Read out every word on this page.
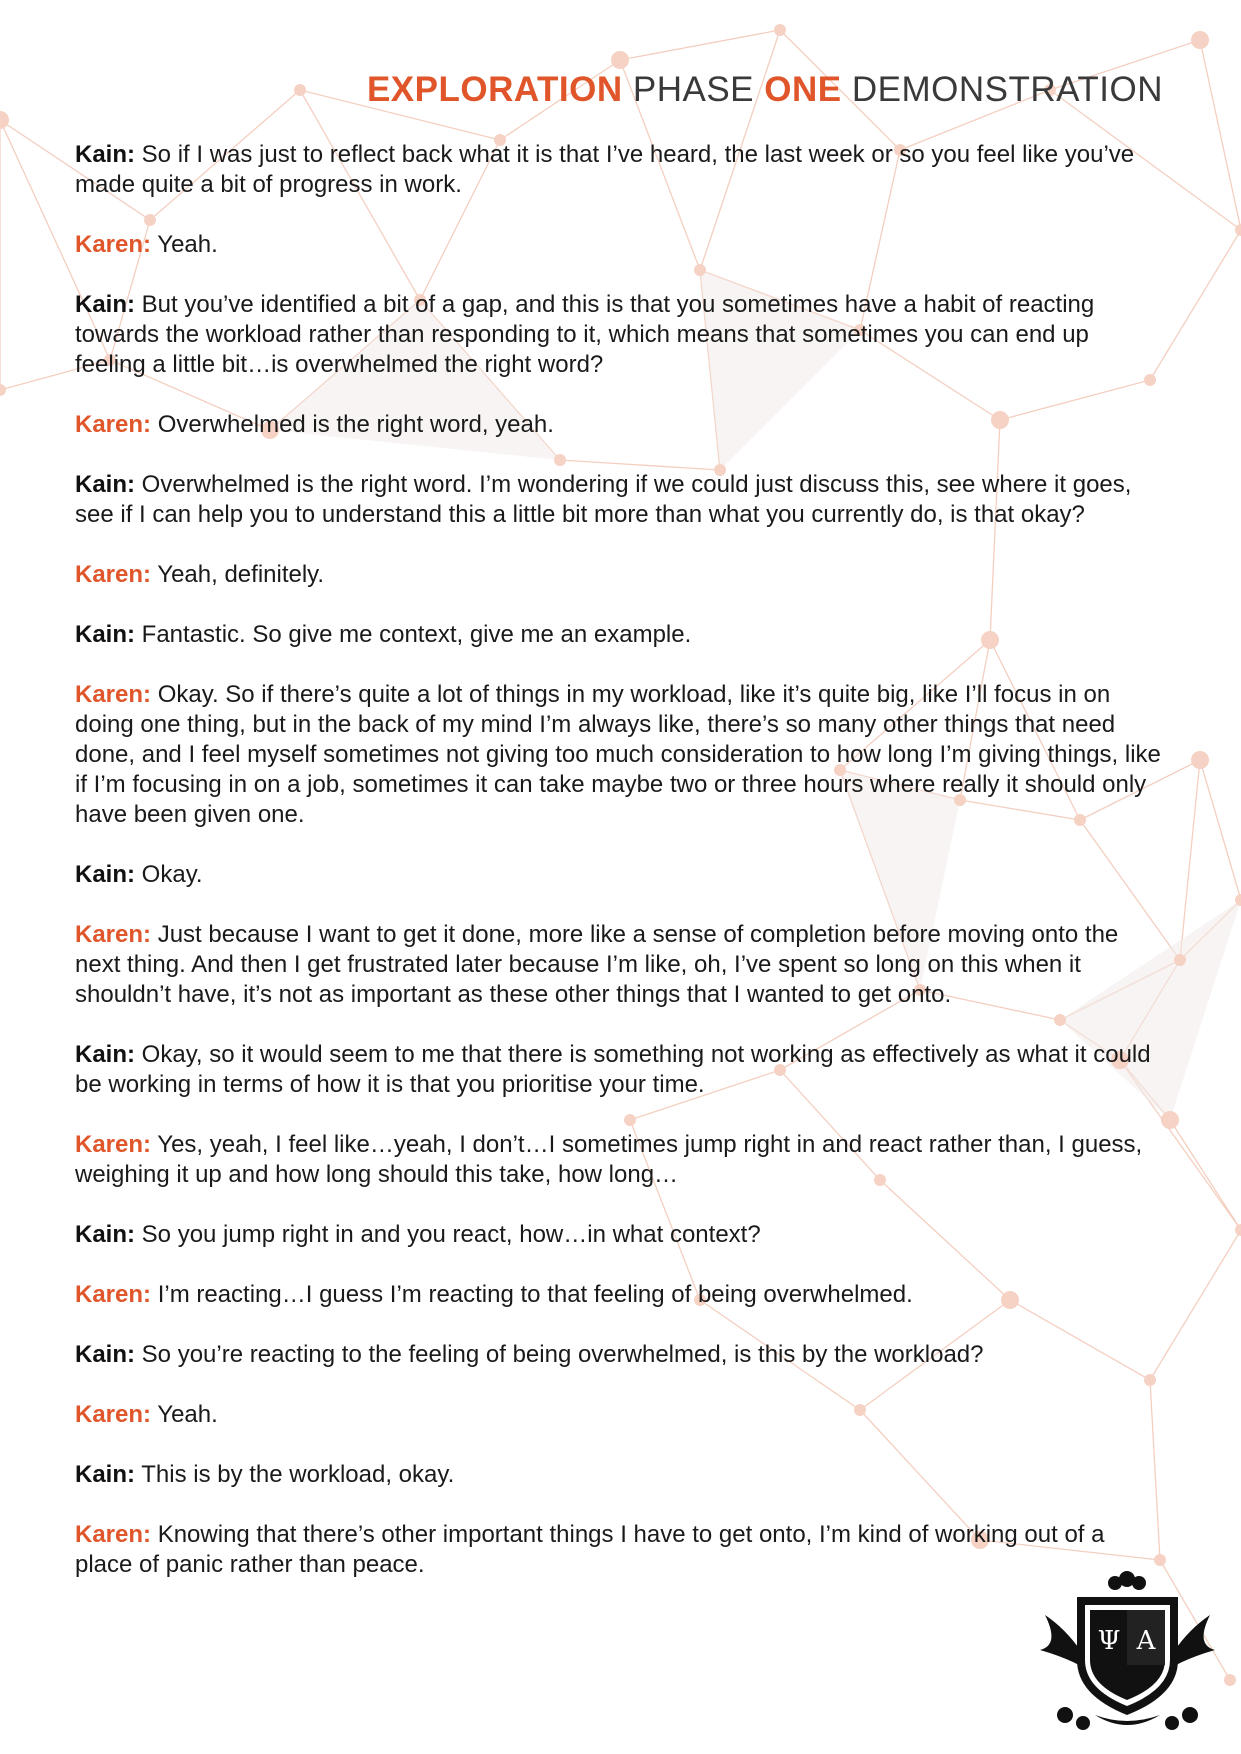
EXPLORATION PHASE ONE DEMONSTRATION

Kain: So if I was just to reflect back what it is that I’ve heard, the last week or so you feel like you’ve made quite a bit of progress in work.

Karen: Yeah.

Kain: But you’ve identified a bit of a gap, and this is that you sometimes have a habit of reacting towards the workload rather than responding to it, which means that sometimes you can end up feeling a little bit…is overwhelmed the right word?

Karen: Overwhelmed is the right word, yeah.

Kain: Overwhelmed is the right word. I’m wondering if we could just discuss this, see where it goes, see if I can help you to understand this a little bit more than what you currently do, is that okay?

Karen: Yeah, definitely.

Kain: Fantastic. So give me context, give me an example.

Karen: Okay. So if there’s quite a lot of things in my workload, like it’s quite big, like I’ll focus in on doing one thing, but in the back of my mind I’m always like, there’s so many other things that need done, and I feel myself sometimes not giving too much consideration to how long I’m giving things, like if I’m focusing in on a job, sometimes it can take maybe two or three hours where really it should only have been given one.

Kain: Okay.

Karen: Just because I want to get it done, more like a sense of completion before moving onto the next thing. And then I get frustrated later because I’m like, oh, I’ve spent so long on this when it shouldn’t have, it’s not as important as these other things that I wanted to get onto.

Kain: Okay, so it would seem to me that there is something not working as effectively as what it could be working in terms of how it is that you prioritise your time.

Karen: Yes, yeah, I feel like…yeah, I don’t…I sometimes jump right in and react rather than, I guess, weighing it up and how long should this take, how long…

Kain: So you jump right in and you react, how…in what context?

Karen: I’m reacting…I guess I’m reacting to that feeling of being overwhelmed.

Kain: So you’re reacting to the feeling of being overwhelmed, is this by the workload?

Karen: Yeah.

Kain: This is by the workload, okay.

Karen: Knowing that there’s other important things I have to get onto, I’m kind of working out of a place of panic rather than peace.

Ψ A
